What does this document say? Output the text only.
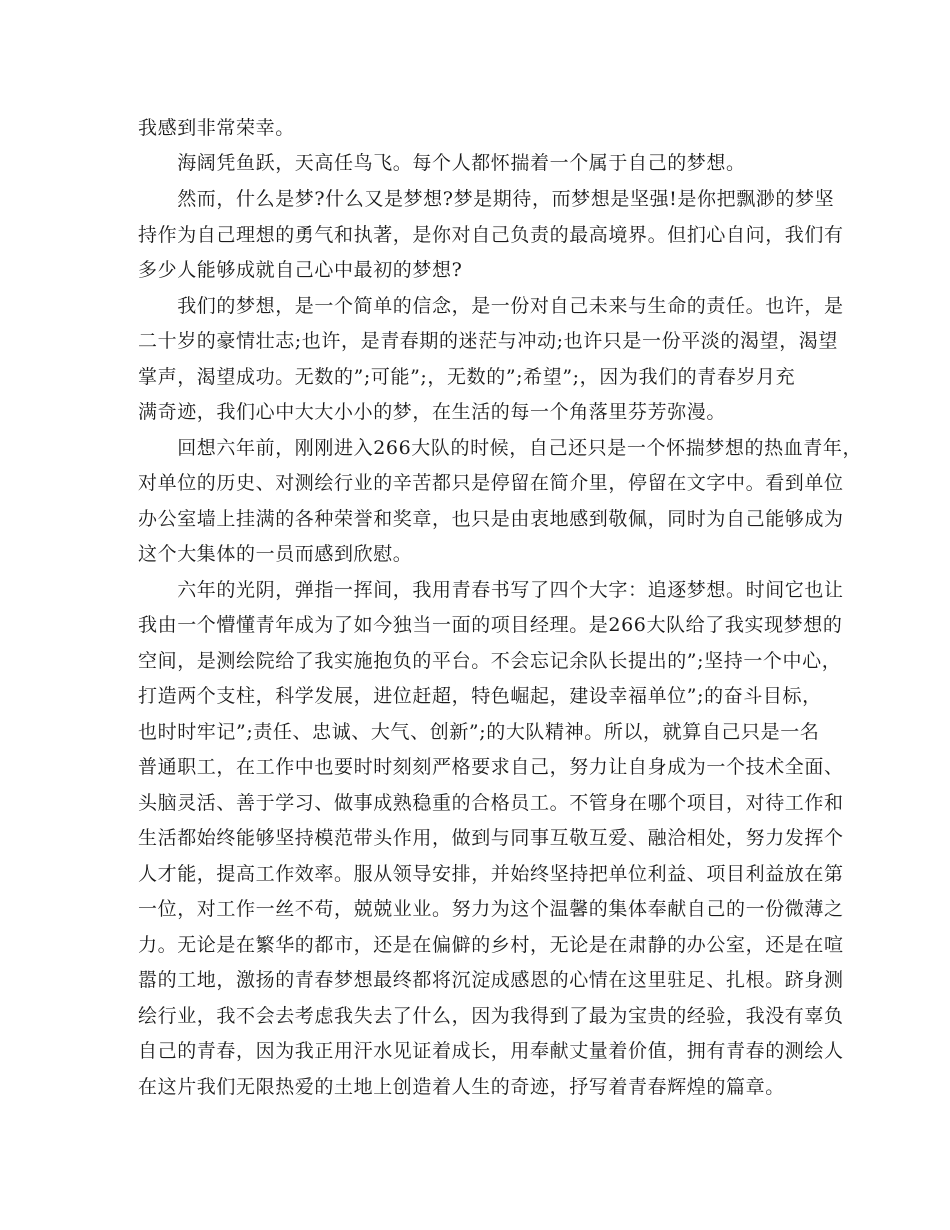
我感到非常荣幸。
　　海阔凭鱼跃，天高任鸟飞。每个人都怀揣着一个属于自己的梦想。
　　然而，什么是梦?什么又是梦想?梦是期待，而梦想是坚强!是你把飘渺的梦坚
持作为自己理想的勇气和执著，是你对自己负责的最高境界。但扪心自问，我们有
多少人能够成就自己心中最初的梦想?
　　我们的梦想，是一个简单的信念，是一份对自己未来与生命的责任。也许，是
二十岁的豪情壮志;也许，是青春期的迷茫与冲动;也许只是一份平淡的渴望，渴望
掌声，渴望成功。无数的”;可能”;，无数的”;希望”;，因为我们的青春岁月充
满奇迹，我们心中大大小小的梦，在生活的每一个角落里芬芳弥漫。
　　回想六年前，刚刚进入266大队的时候，自己还只是一个怀揣梦想的热血青年，
对单位的历史、对测绘行业的辛苦都只是停留在简介里，停留在文字中。看到单位
办公室墙上挂满的各种荣誉和奖章，也只是由衷地感到敬佩，同时为自己能够成为
这个大集体的一员而感到欣慰。
　　六年的光阴，弹指一挥间，我用青春书写了四个大字：追逐梦想。时间它也让
我由一个懵懂青年成为了如今独当一面的项目经理。是266大队给了我实现梦想的
空间，是测绘院给了我实施抱负的平台。不会忘记余队长提出的”;坚持一个中心，
打造两个支柱，科学发展，进位赶超，特色崛起，建设幸福单位”;的奋斗目标，
也时时牢记”;责任、忠诚、大气、创新”;的大队精神。所以，就算自己只是一名
普通职工，在工作中也要时时刻刻严格要求自己，努力让自身成为一个技术全面、
头脑灵活、善于学习、做事成熟稳重的合格员工。不管身在哪个项目，对待工作和
生活都始终能够坚持模范带头作用，做到与同事互敬互爱、融洽相处，努力发挥个
人才能，提高工作效率。服从领导安排，并始终坚持把单位利益、项目利益放在第
一位，对工作一丝不苟，兢兢业业。努力为这个温馨的集体奉献自己的一份微薄之
力。无论是在繁华的都市，还是在偏僻的乡村，无论是在肃静的办公室，还是在喧
嚣的工地，激扬的青春梦想最终都将沉淀成感恩的心情在这里驻足、扎根。跻身测
绘行业，我不会去考虑我失去了什么，因为我得到了最为宝贵的经验，我没有辜负
自己的青春，因为我正用汗水见证着成长，用奉献丈量着价值，拥有青春的测绘人
在这片我们无限热爱的土地上创造着人生的奇迹，抒写着青春辉煌的篇章。
